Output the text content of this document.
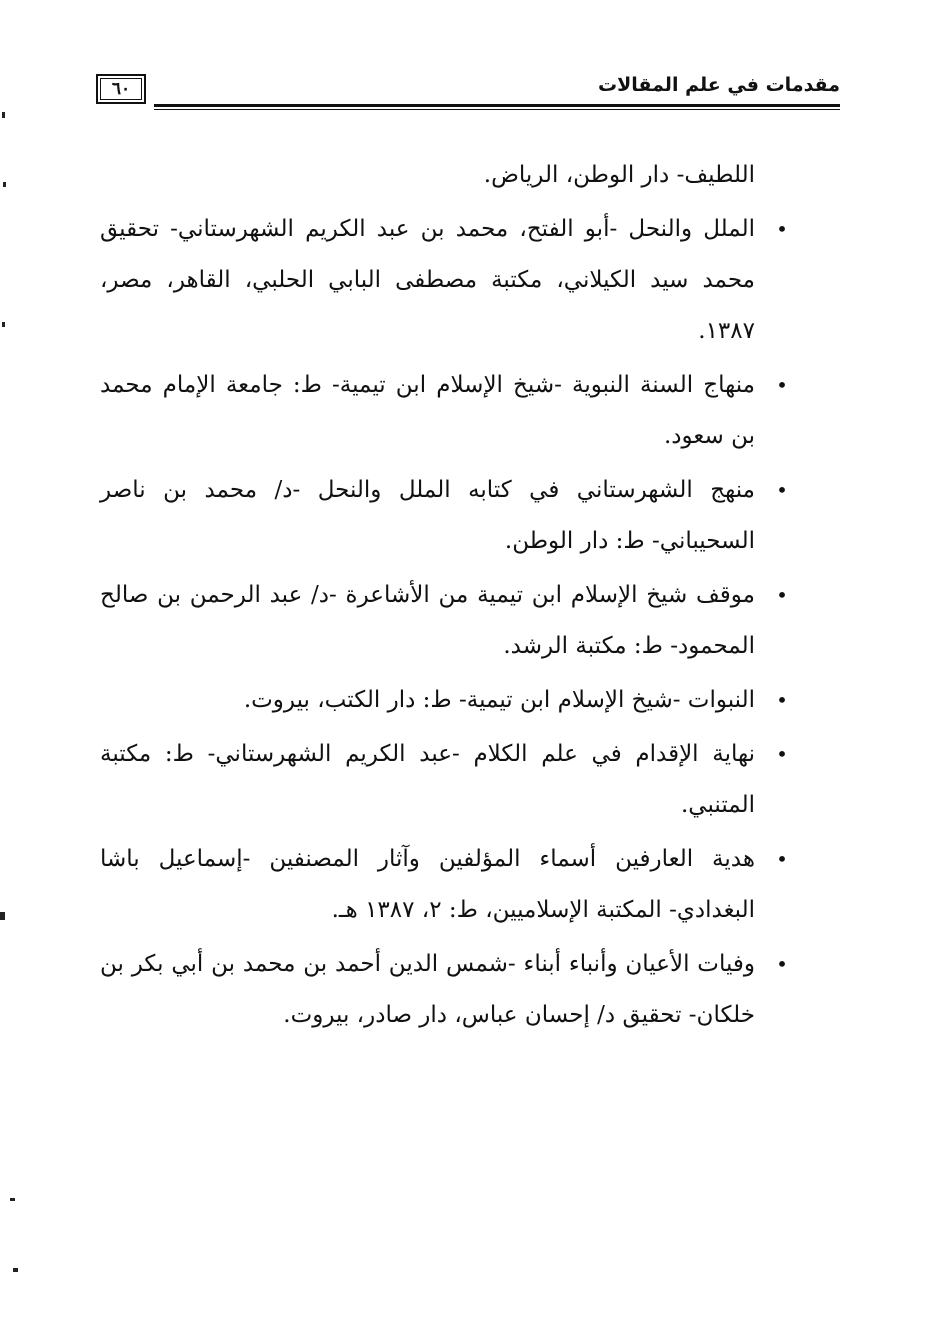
٦٠	مقدمات في علم المقالات
اللطيف- دار الوطن، الرياض.
•
الملل والنحل -أبو الفتح، محمد بن عبد الكريم الشهرستاني- تحقيق محمد سيد الكيلاني، مكتبة مصطفى البابي الحلبي، القاهر، مصر، ١٣٨٧.
•
منهاج السنة النبوية -شيخ الإسلام ابن تيمية- ط: جامعة الإمام محمد بن سعود.
•
منهج الشهرستاني في كتابه الملل والنحل -د/ محمد بن ناصر السحيباني- ط: دار الوطن.
•
موقف شيخ الإسلام ابن تيمية من الأشاعرة -د/ عبد الرحمن بن صالح المحمود- ط: مكتبة الرشد.
•
النبوات -شيخ الإسلام ابن تيمية- ط: دار الكتب، بيروت.
•
نهاية الإقدام في علم الكلام -عبد الكريم الشهرستاني- ط: مكتبة المتنبي.
•
هدية العارفين أسماء المؤلفين وآثار المصنفين -إسماعيل باشا البغدادي- المكتبة الإسلاميين، ط: ٢، ١٣٨٧ هـ.
•
وفيات الأعيان وأنباء أبناء -شمس الدين أحمد بن محمد بن أبي بكر بن خلكان- تحقيق د/ إحسان عباس، دار صادر، بيروت.
